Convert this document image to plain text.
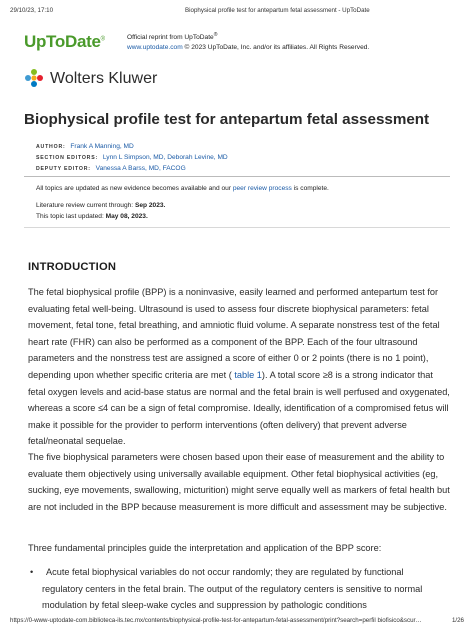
29/10/23, 17:10	Biophysical profile test for antepartum fetal assessment - UpToDate
UpToDate®	Official reprint from UpToDate®
www.uptodate.com © 2023 UpToDate, Inc. and/or its affiliates. All Rights Reserved.
Wolters Kluwer
Biophysical profile test for antepartum fetal assessment
AUTHOR: Frank A Manning, MD
SECTION EDITORS: Lynn L Simpson, MD, Deborah Levine, MD
DEPUTY EDITOR: Vanessa A Barss, MD, FACOG
All topics are updated as new evidence becomes available and our peer review process is complete.
Literature review current through: Sep 2023.
This topic last updated: May 08, 2023.
INTRODUCTION

The fetal biophysical profile (BPP) is a noninvasive, easily learned and performed antepartum test for evaluating fetal well-being. Ultrasound is used to assess four discrete biophysical parameters: fetal movement, fetal tone, fetal breathing, and amniotic fluid volume. A separate nonstress test of the fetal heart rate (FHR) can also be performed as a component of the BPP. Each of the four ultrasound parameters and the nonstress test are assigned a score of either 0 or 2 points (there is no 1 point), depending upon whether specific criteria are met ( table 1). A total score ≥8 is a strong indicator that fetal oxygen levels and acid-base status are normal and the fetal brain is well perfused and oxygenated, whereas a score ≤4 can be a sign of fetal compromise. Ideally, identification of a compromised fetus will make it possible for the provider to perform interventions (often delivery) that prevent adverse fetal/neonatal sequelae.

The five biophysical parameters were chosen based upon their ease of measurement and the ability to evaluate them objectively using universally available equipment. Other fetal biophysical activities (eg, sucking, eye movements, swallowing, micturition) might serve equally well as markers of fetal health but are not included in the BPP because measurement is more difficult and assessment may be subjective.

Three fundamental principles guide the interpretation and application of the BPP score:

• Acute fetal biophysical variables do not occur randomly; they are regulated by functional regulatory centers in the fetal brain. The output of the regulatory centers is sensitive to normal modulation by fetal sleep-wake cycles and suppression by pathologic conditions
https://0-www-uptodate-com.biblioteca-ils.tec.mx/contents/biophysical-profile-test-for-antepartum-fetal-assessment/print?search=perfil biofisico&scur…	1/26
